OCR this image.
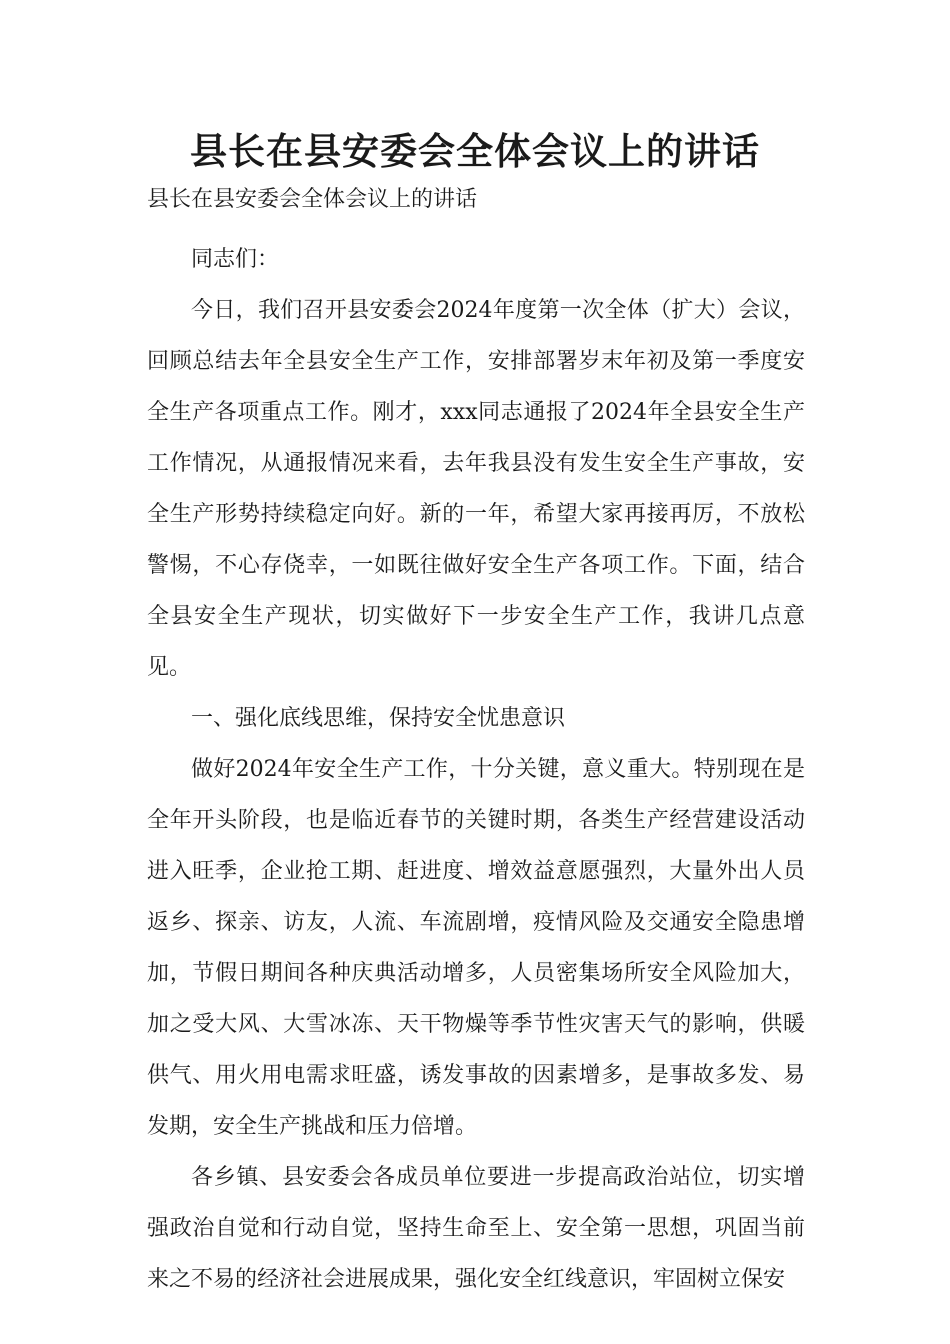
县长在县安委会全体会议上的讲话

县长在县安委会全体会议上的讲话

同志们：

今日，我们召开县安委会2024年度第一次全体（扩大）会议，回顾总结去年全县安全生产工作，安排部署岁末年初及第一季度安全生产各项重点工作。刚才，xxx同志通报了2024年全县安全生产工作情况，从通报情况来看，去年我县没有发生安全生产事故，安全生产形势持续稳定向好。新的一年，希望大家再接再厉，不放松警惕，不心存侥幸，一如既往做好安全生产各项工作。下面，结合全县安全生产现状，切实做好下一步安全生产工作，我讲几点意见。

一、强化底线思维，保持安全忧患意识

做好2024年安全生产工作，十分关键，意义重大。特别现在是全年开头阶段，也是临近春节的关键时期，各类生产经营建设活动进入旺季，企业抢工期、赶进度、增效益意愿强烈，大量外出人员返乡、探亲、访友，人流、车流剧增，疫情风险及交通安全隐患增加，节假日期间各种庆典活动增多，人员密集场所安全风险加大，加之受大风、大雪冰冻、天干物燥等季节性灾害天气的影响，供暖供气、用火用电需求旺盛，诱发事故的因素增多，是事故多发、易发期，安全生产挑战和压力倍增。

各乡镇、县安委会各成员单位要进一步提高政治站位，切实增强政治自觉和行动自觉，坚持生命至上、安全第一思想，巩固当前来之不易的经济社会进展成果，强化安全红线意识，牢固树立保安
